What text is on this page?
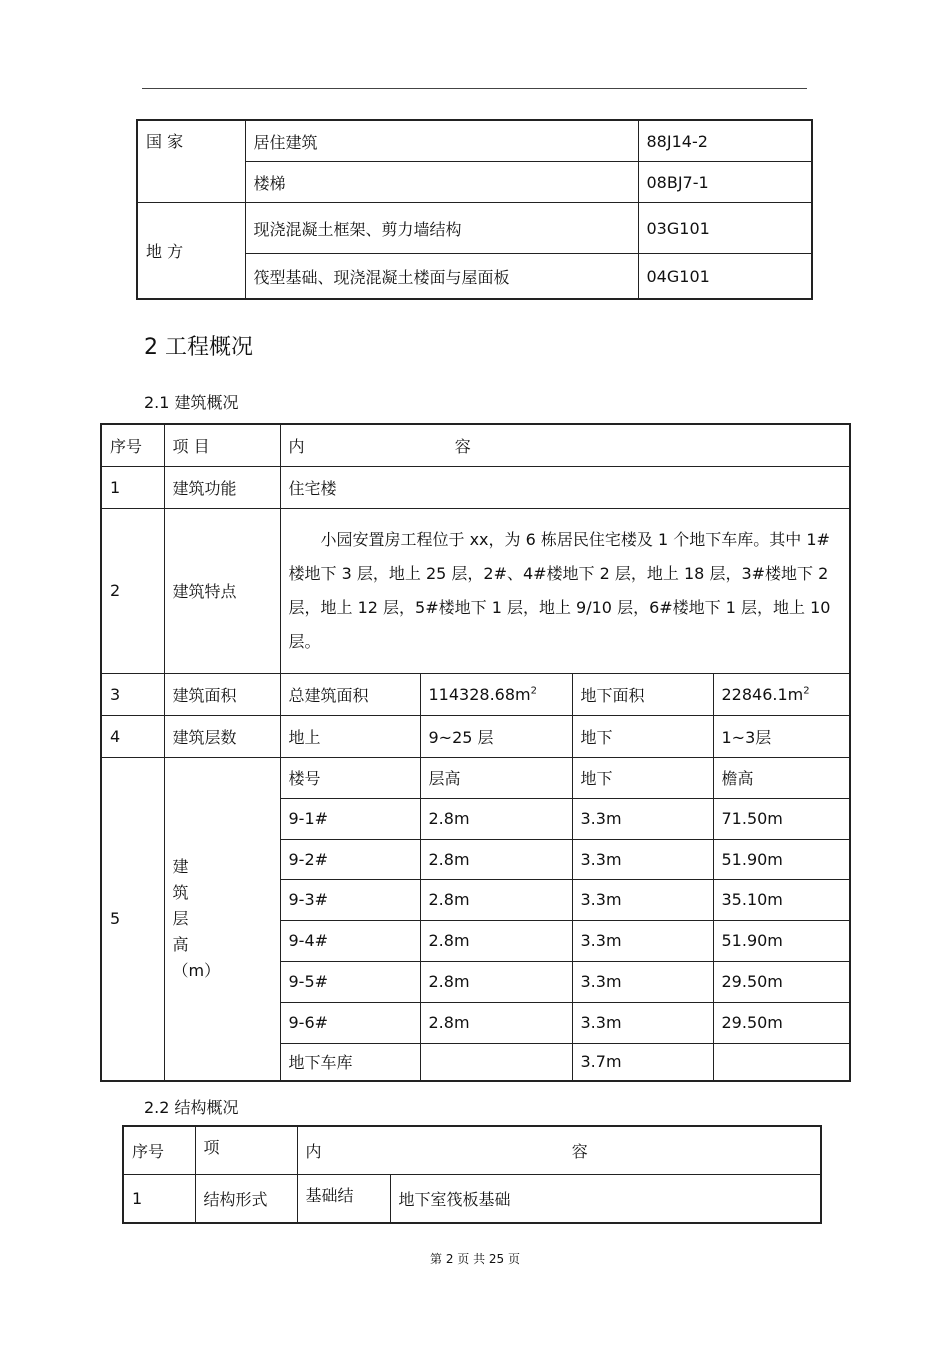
国 家	居住建筑	88J14-2
	楼梯	08BJ7-1
地 方	现浇混凝土框架、剪力墙结构	03G101
	筏型基础、现浇混凝土楼面与屋面板	04G101
2 工程概况
2.1 建筑概况
序号	项 目	内 容			
1	建筑功能	住宅楼			
2	建筑特点	小园安置房工程位于 xx，为 6 栋居民住宅楼及 1 个地下车库。其中 1#楼地下 3 层，地上 25 层，2#、4#楼地下 2 层，地上 18 层，3#楼地下 2层，地上 12 层，5#楼地下 1 层，地上 9/10 层，6#楼地下 1 层，地上 10 层。			
3	建筑面积	总建筑面积	$114328.68m^2$	地下面积	$22846.1m^2$
4	建筑层数	地上	9~25 层	地下	1~3层
5	建
筑
层
高
（m）	楼号	层高	地下	檐高
		9-1#	2.8m	3.3m	71.50m
		9-2#	2.8m	3.3m	51.90m
		9-3#	2.8m	3.3m	35.10m
		9-4#	2.8m	3.3m	51.90m
		9-5#	2.8m	3.3m	29.50m
		9-6#	2.8m	3.3m	29.50m
		地下车库		3.7m	
2.2 结构概况
序号	项	内 容	
1	结构形式	基础结	地下室筏板基础
第 2 页 共 25 页
